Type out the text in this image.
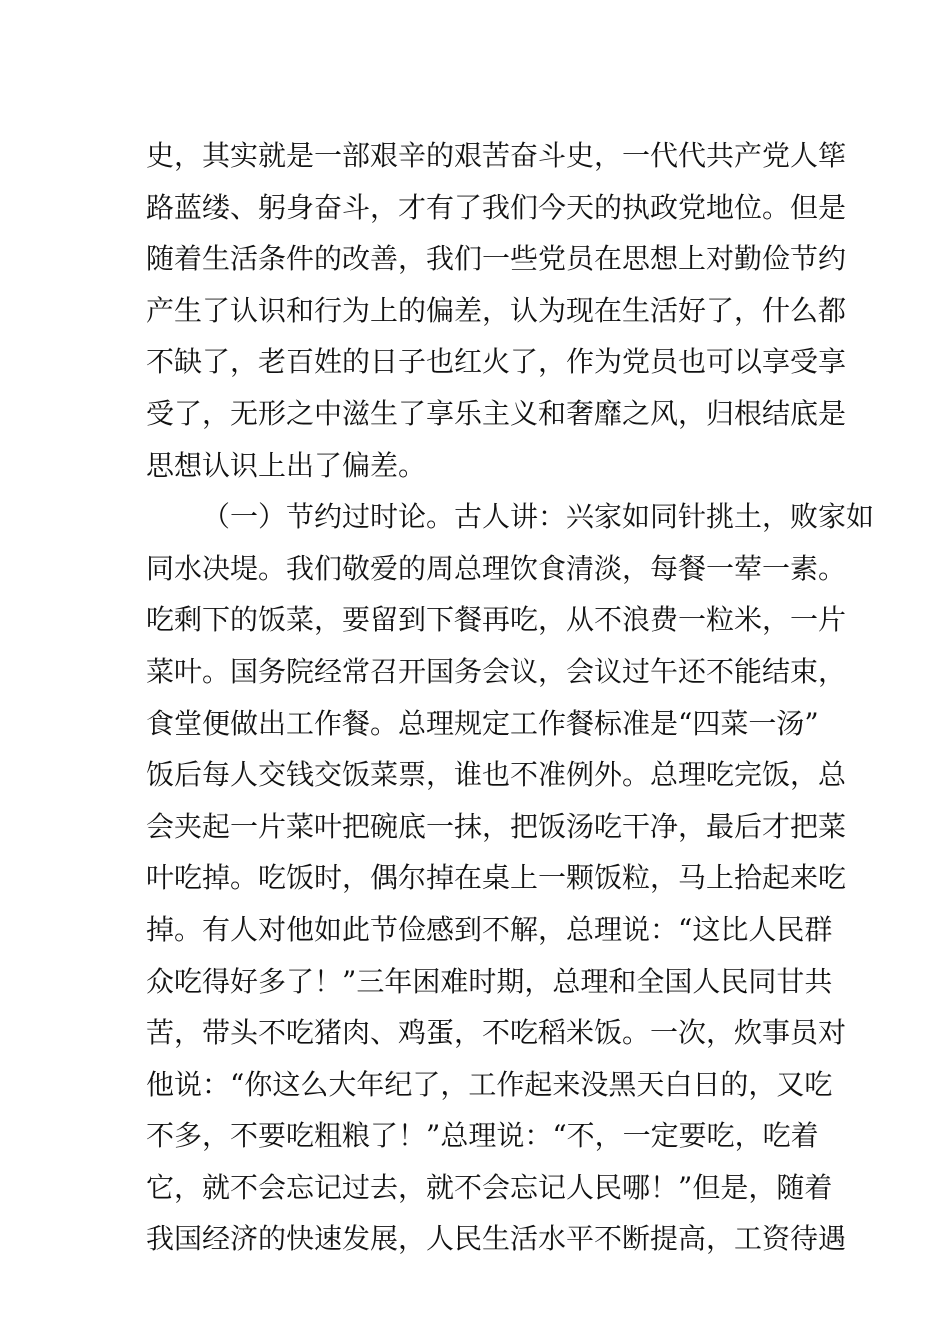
史，其实就是一部艰辛的艰苦奋斗史，一代代共产党人筚
路蓝缕、躬身奋斗，才有了我们今天的执政党地位。但是
随着生活条件的改善，我们一些党员在思想上对勤俭节约
产生了认识和行为上的偏差，认为现在生活好了，什么都
不缺了，老百姓的日子也红火了，作为党员也可以享受享
受了，无形之中滋生了享乐主义和奢靡之风，归根结底是
思想认识上出了偏差。
（一）节约过时论。古人讲：兴家如同针挑土，败家如
同水决堤。我们敬爱的周总理饮食清淡，每餐一荤一素。
吃剩下的饭菜，要留到下餐再吃，从不浪费一粒米，一片
菜叶。国务院经常召开国务会议，会议过午还不能结束，
食堂便做出工作餐。总理规定工作餐标准是“四菜一汤”
饭后每人交钱交饭菜票，谁也不准例外。总理吃完饭，总
会夹起一片菜叶把碗底一抹，把饭汤吃干净，最后才把菜
叶吃掉。吃饭时，偶尔掉在桌上一颗饭粒，马上拾起来吃
掉。有人对他如此节俭感到不解，总理说：“这比人民群
众吃得好多了！”三年困难时期，总理和全国人民同甘共
苦，带头不吃猪肉、鸡蛋，不吃稻米饭。一次，炊事员对
他说：“你这么大年纪了，工作起来没黑天白日的，又吃
不多，不要吃粗粮了！”总理说：“不，一定要吃，吃着
它，就不会忘记过去，就不会忘记人民哪！”但是，随着
我国经济的快速发展，人民生活水平不断提高，工资待遇
